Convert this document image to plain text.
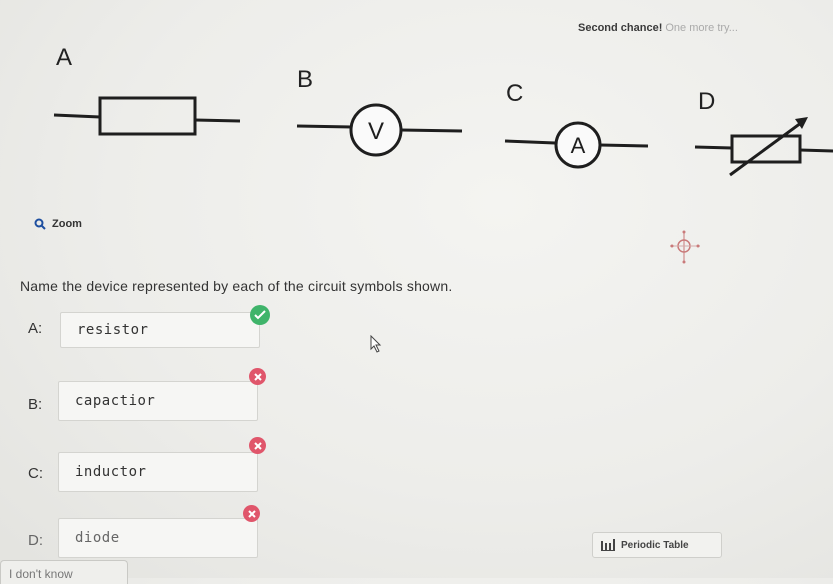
Second chance! One more try...
A
B
C	D
V
A
Zoom
Name the device represented by each of the circuit symbols shown.
A:	resistor
B:	capactior
C:	inductor
D:	diode	Periodic Table
I don't know
